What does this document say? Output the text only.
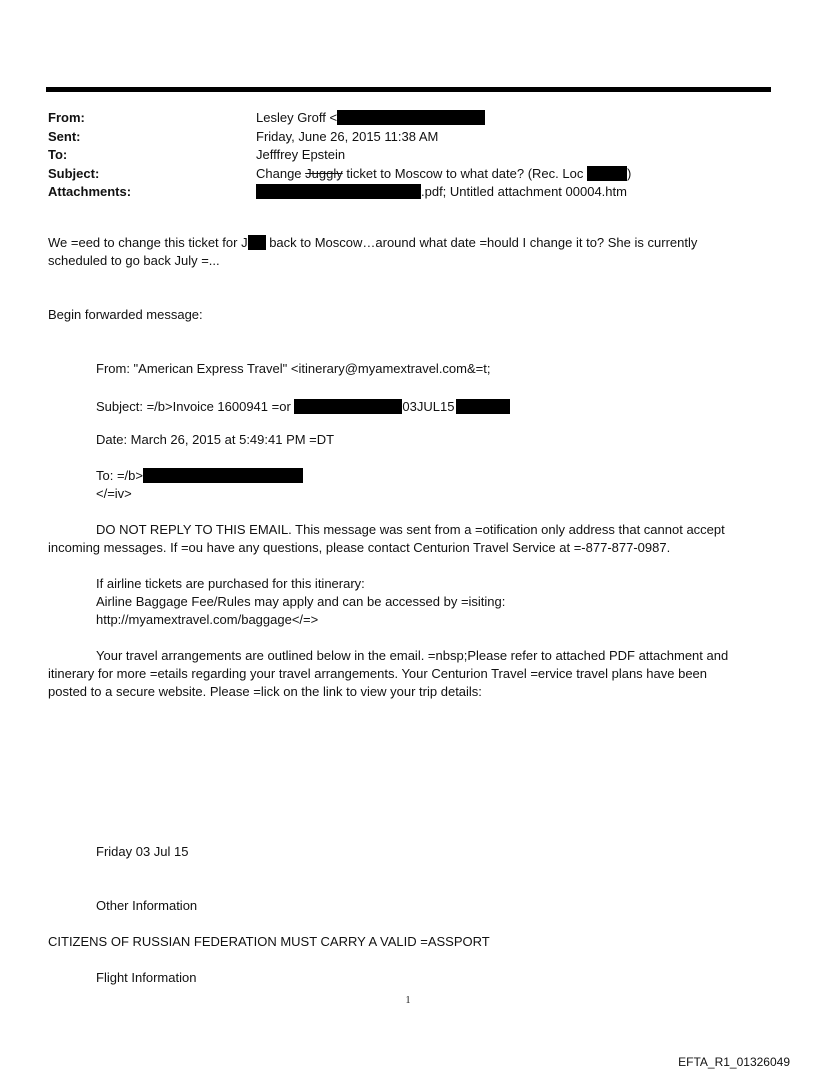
From:	Lesley Groff <
Sent:	Friday, June 26, 2015 11:38 AM
To:	Jefffrey Epstein
Subject:	Change Juggly ticket to Moscow to what date? (Rec. Loc	)
Attachments:	.pdf; Untitled attachment 00004.htm
We =eed to change this ticket for J back to Moscow…around what date =hould I change it to? She is currently
scheduled to go back July =...
Begin forwarded message:
From: "American Express Travel" <itinerary@myamextravel.com&=t;
Subject: =/b>Invoice 1600941 =or	03JUL15
Date: March 26, 2015 at 5:49:41 PM =DT
To: =/b>
</=iv>
DO NOT REPLY TO THIS EMAIL. This message was sent from a =otification only address that cannot accept
incoming messages. If =ou have any questions, please contact Centurion Travel Service at =-877-877-0987.
If airline tickets are purchased for this itinerary:
Airline Baggage Fee/Rules may apply and can be accessed by =isiting:
http://myamextravel.com/baggage</=>
Your travel arrangements are outlined below in the email. =nbsp;Please refer to attached PDF attachment and
itinerary for more =etails regarding your travel arrangements. Your Centurion Travel =ervice travel plans have been
posted to a secure website. Please =lick on the link to view your trip details:
Friday 03 Jul 15
Other Information
CITIZENS OF RUSSIAN FEDERATION MUST CARRY A VALID =ASSPORT
Flight Information
1
EFTA_R1_01326049
